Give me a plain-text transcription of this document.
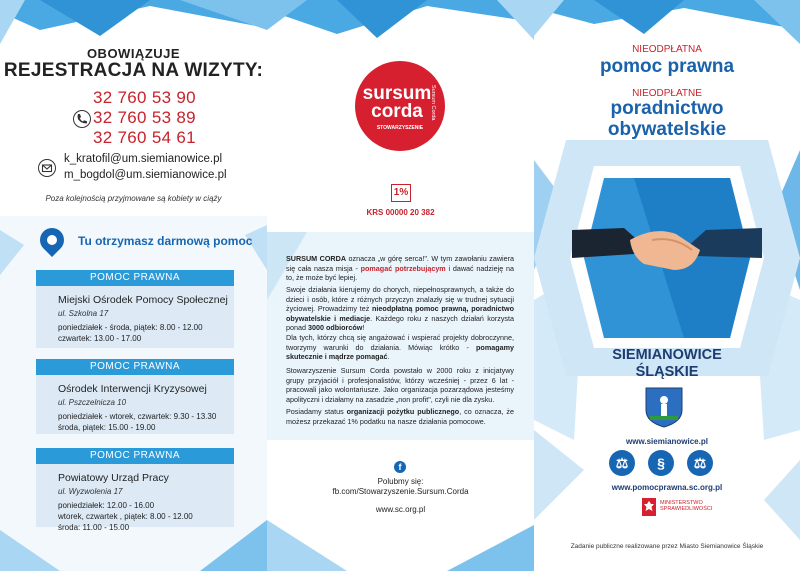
OBOWIĄZUJE
REJESTRACJA NA WIZYTY:
32 760 53 90
32 760 53 89
32 760 54 61
k_kratofil@um.siemianowice.pl
m_bogdol@um.siemianowice.pl
Poza kolejnością przyjmowane są kobiety w ciąży
Tu otrzymasz darmową pomoc
POMOC PRAWNA
Miejski Ośrodek Pomocy Społecznej
ul. Szkolna 17
poniedziałek - środa, piątek: 8.00 - 12.00
czwartek: 13.00 - 17.00
POMOC PRAWNA
Ośrodek Interwencji Kryzysowej
ul. Pszczelnicza 10
poniedziałek - wtorek, czwartek: 9.30 - 13.30
środa, piątek: 15.00 - 19.00
POMOC PRAWNA
Powiatowy Urząd Pracy
ul. Wyzwolenia 17
poniedziałek: 12.00 - 16.00
wtorek, czwartek , piątek: 8.00 - 12.00
środa: 11.00 - 15.00
sursum
corda	Sursum Corda
STOWARZYSZENIE
1%
KRS 00000 20 382
SURSUM CORDA oznacza „w górę serca!". W tym zawołaniu zawiera się cała nasza misja - pomagać potrzebującym i dawać nadzieję na to, że może być lepiej.
Swoje działania kierujemy do chorych, niepełnosprawnych, a także do dzieci i osób, które z różnych przyczyn znalazły się w trudnej sytuacji życiowej. Prowadzimy też nieodpłatną pomoc prawną, poradnictwo obywatelskie i mediacje. Każdego roku z naszych działań korzysta ponad 3000 odbiorców!
Dla tych, którzy chcą się angażować i wspierać projekty dobroczynne, tworzymy warunki do działania. Mówiąc krótko - pomagamy skutecznie i mądrze pomagać.
Stowarzyszenie Sursum Corda powstało w 2000 roku z inicjatywy grupy przyjaciół i profesjonalistów, którzy wcześniej - przez 6 lat - pracowali jako wolontariusze. Jako organizacja pozarządowa jesteśmy apolityczni i działamy na zasadzie „non profit", czyli nie dla zysku.
Posiadamy status organizacji pożytku publicznego, co oznacza, że możesz przekazać 1% podatku na nasze działania pomocowe.
f
Polubmy się:
fb.com/Stowarzyszenie.Sursum.Corda
www.sc.org.pl
NIEODPŁATNA
pomoc prawna
NIEODPŁATNE
poradnictwo
obywatelskie
SIEMIANOWICE
ŚLĄSKIE
www.siemianowice.pl
⚖	§	⚖
www.pomocprawna.sc.org.pl
MINISTERSTWO
SPRAWIEDLIWOŚCI
Zadanie publiczne realizowane przez Miasto Siemianowice Śląskie
